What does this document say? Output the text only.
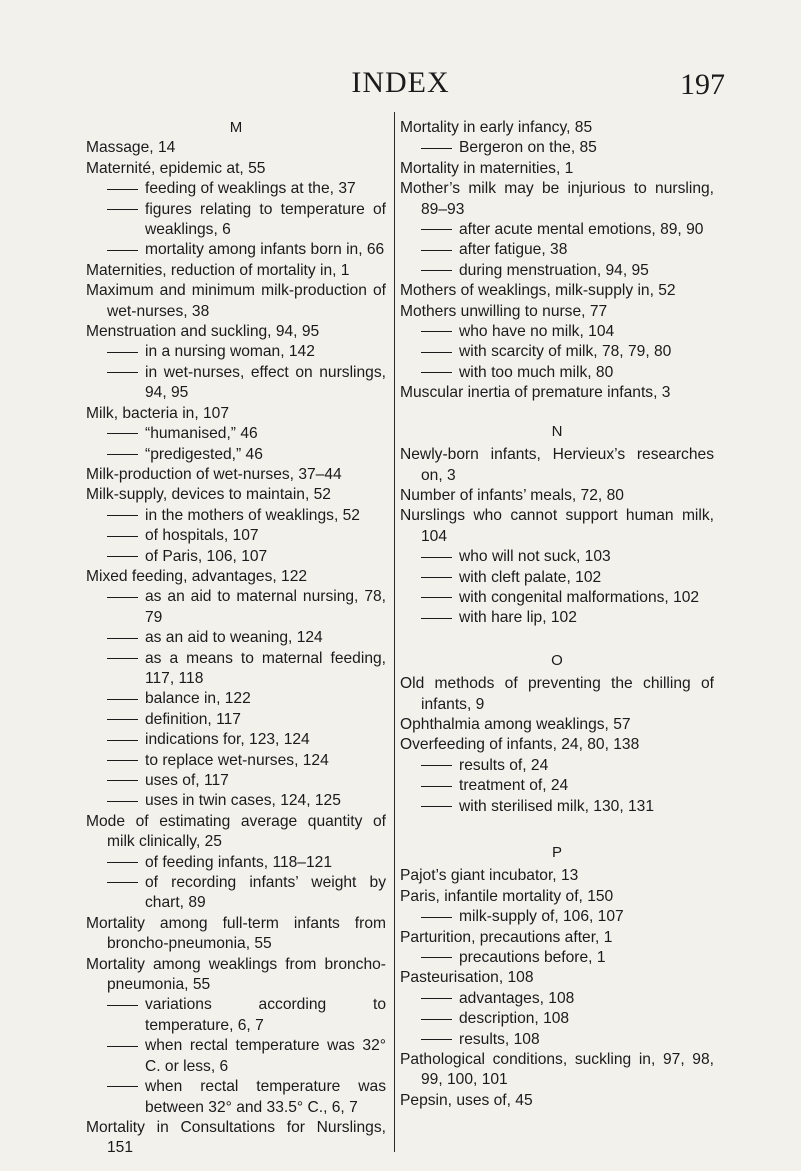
INDEX	197

M

Massage, 14
Maternité, epidemic at, 55
feeding of weaklings at the, 37
figures relating to temperature of weaklings, 6
mortality among infants born in, 66
Maternities, reduction of mortality in, 1
Maximum and minimum milk-production of wet-nurses, 38
Menstruation and suckling, 94, 95
in a nursing woman, 142
in wet-nurses, effect on nurslings, 94, 95
Milk, bacteria in, 107
“humanised,” 46
“predigested,” 46
Milk-production of wet-nurses, 37–44
Milk-supply, devices to maintain, 52
in the mothers of weaklings, 52
of hospitals, 107
of Paris, 106, 107
Mixed feeding, advantages, 122
as an aid to maternal nursing, 78, 79
as an aid to weaning, 124
as a means to maternal feeding, 117, 118
balance in, 122
definition, 117
indications for, 123, 124
to replace wet-nurses, 124
uses of, 117
uses in twin cases, 124, 125
Mode of estimating average quantity of milk clinically, 25
of feeding infants, 118–121
of recording infants’ weight by chart, 89
Mortality among full-term infants from broncho-pneumonia, 55
Mortality among weaklings from broncho-pneumonia, 55
variations according to temperature, 6, 7
when rectal temperature was 32° C. or less, 6
when rectal temperature was between 32° and 33.5° C., 6, 7
Mortality in Consultations for Nurslings, 151
Mortality in early infancy, 85
Bergeron on the, 85
Mortality in maternities, 1
Mother’s milk may be injurious to nursling, 89–93
after acute mental emotions, 89, 90
after fatigue, 38
during menstruation, 94, 95
Mothers of weaklings, milk-supply in, 52
Mothers unwilling to nurse, 77
who have no milk, 104
with scarcity of milk, 78, 79, 80
with too much milk, 80
Muscular inertia of premature infants, 3

N

Newly-born infants, Hervieux’s researches on, 3
Number of infants’ meals, 72, 80
Nurslings who cannot support human milk, 104
who will not suck, 103
with cleft palate, 102
with congenital malformations, 102
with hare lip, 102

O

Old methods of preventing the chilling of infants, 9
Ophthalmia among weaklings, 57
Overfeeding of infants, 24, 80, 138
results of, 24
treatment of, 24
with sterilised milk, 130, 131

P

Pajot’s giant incubator, 13
Paris, infantile mortality of, 150
milk-supply of, 106, 107
Parturition, precautions after, 1
precautions before, 1
Pasteurisation, 108
advantages, 108
description, 108
results, 108
Pathological conditions, suckling in, 97, 98, 99, 100, 101
Pepsin, uses of, 45
